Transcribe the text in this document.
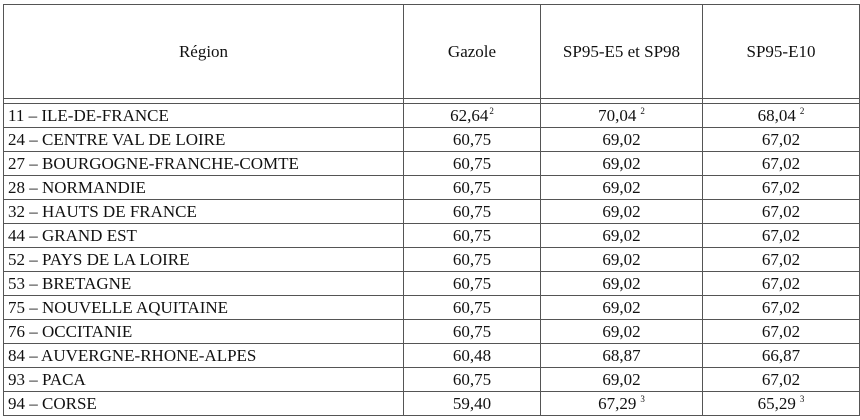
Région	Gazole	SP95-E5 et SP98	SP95-E10

11 – ILE-DE-FRANCE	62,64$^2$	70,04 $^2$	68,04 $^2$
24 – CENTRE VAL DE LOIRE	60,75	69,02	67,02
27 – BOURGOGNE-FRANCHE-COMTE	60,75	69,02	67,02
28 – NORMANDIE	60,75	69,02	67,02
32 – HAUTS DE FRANCE	60,75	69,02	67,02
44 – GRAND EST	60,75	69,02	67,02
52 – PAYS DE LA LOIRE	60,75	69,02	67,02
53 – BRETAGNE	60,75	69,02	67,02
75 – NOUVELLE AQUITAINE	60,75	69,02	67,02
76 – OCCITANIE	60,75	69,02	67,02
84 – AUVERGNE-RHONE-ALPES	60,48	68,87	66,87
93 – PACA	60,75	69,02	67,02
94 – CORSE	59,40	67,29 $^3$	65,29 $^3$
